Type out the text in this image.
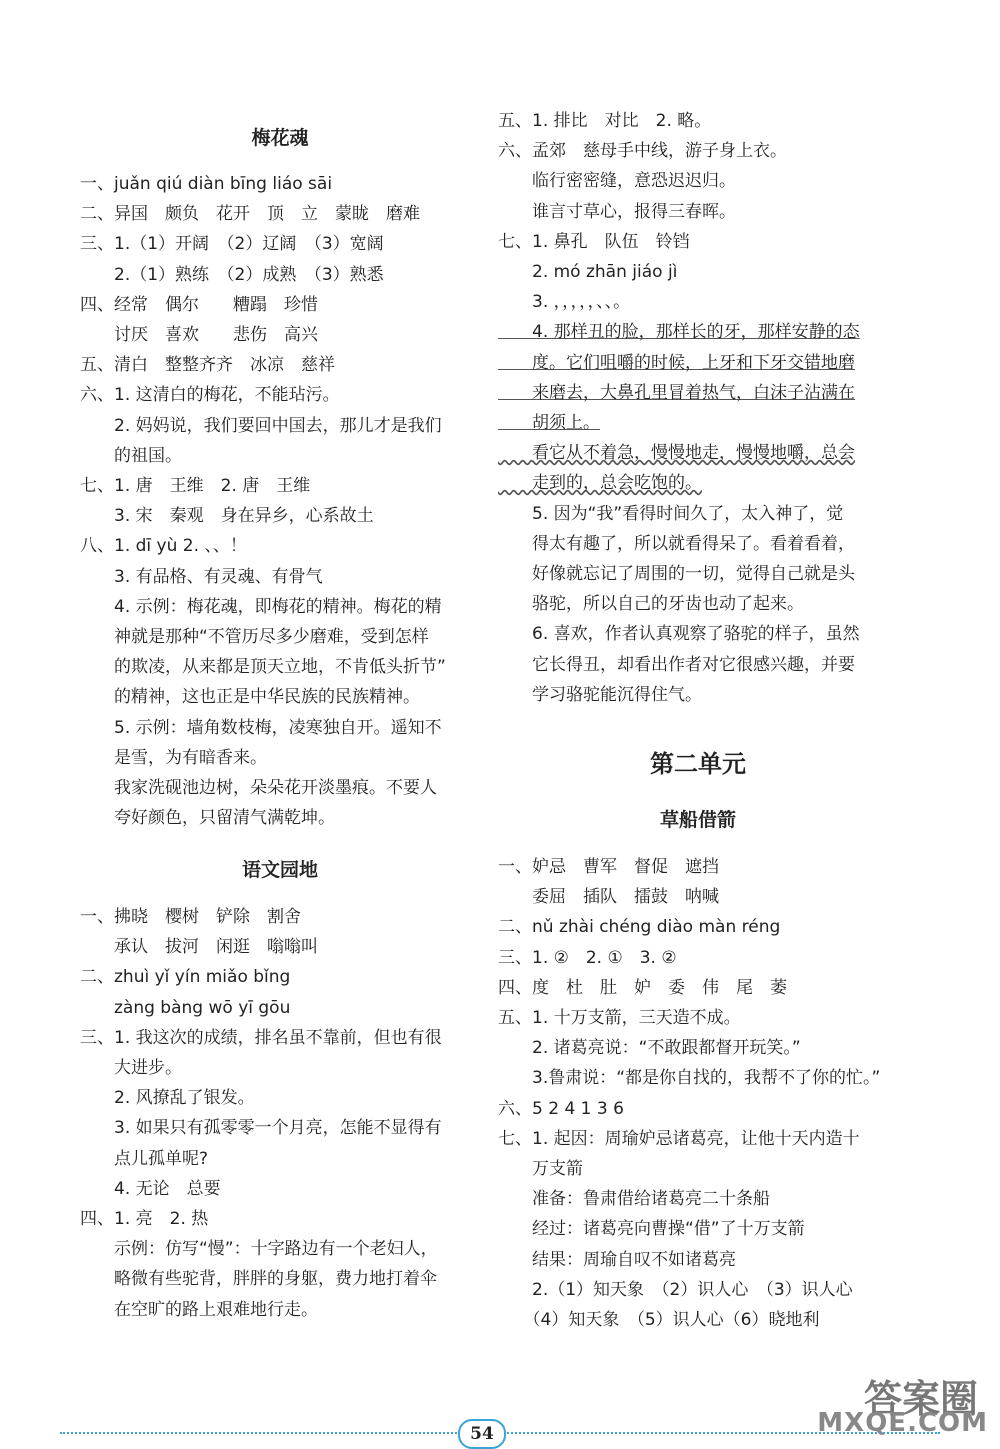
梅花魂
一、juǎn qiú diàn bīng liáo sāi
二、异国　颇负　花开　顶　立　蒙眬　磨难
三、1.（1）开阔　（2）辽阔　（3）宽阔
　　2.（1）熟练　（2）成熟　（3）熟悉
四、经常　偶尔　　糟蹋　珍惜
　　讨厌　喜欢　　悲伤　高兴
五、清白　整整齐齐　冰凉　慈祥
六、1. 这清白的梅花，不能玷污。
　　2. 妈妈说，我们要回中国去，那儿才是我们
　　的祖国。
七、1. 唐　王维　2. 唐　王维
　　3. 宋　秦观　身在异乡，心系故土
八、1. dī yù 2. 、、！
　　3. 有品格、有灵魂、有骨气
　　4. 示例：梅花魂，即梅花的精神。梅花的精
　　神就是那种“不管历尽多少磨难，受到怎样
　　的欺凌，从来都是顶天立地，不肯低头折节”
　　的精神，这也正是中华民族的民族精神。
　　5. 示例：墙角数枝梅，凌寒独自开。遥知不
　　是雪，为有暗香来。
　　我家洗砚池边树，朵朵花开淡墨痕。不要人
　　夸好颜色，只留清气满乾坤。
语文园地
一、拂晓　樱树　铲除　割舍
　　承认　拔河　闲逛　嗡嗡叫
二、zhuì yǐ yín miǎo bǐng
　　zàng bàng wō yī gōu
三、1. 我这次的成绩，排名虽不靠前，但也有很
　　大进步。
　　2. 风撩乱了银发。
　　3. 如果只有孤零零一个月亮，怎能不显得有
　　点儿孤单呢?
　　4. 无论　总要
四、1. 亮　2. 热
　　示例：仿写“慢”：十字路边有一个老妇人，
　　略微有些驼背，胖胖的身躯，费力地打着伞
　　在空旷的路上艰难地行走。
五、1. 排比　对比　2. 略。
六、孟郊　慈母手中线，游子身上衣。
　　临行密密缝，意恐迟迟归。
　　谁言寸草心，报得三春晖。
七、1. 鼻孔　队伍　铃铛
　　2. mó zhān jiáo jì
　　3. ，，，，，、、。
　　4. 那样丑的脸，那样长的牙，那样安静的态
　　度。它们咀嚼的时候，上牙和下牙交错地磨
　　来磨去，大鼻孔里冒着热气，白沫子沾满在
　　胡须上。
　　看它从不着急，慢慢地走，慢慢地嚼，总会
　　走到的，总会吃饱的。
　　5. 因为“我”看得时间久了，太入神了，觉
　　得太有趣了，所以就看得呆了。看着看着，
　　好像就忘记了周围的一切，觉得自己就是头
　　骆驼，所以自己的牙齿也动了起来。
　　6. 喜欢，作者认真观察了骆驼的样子，虽然
　　它长得丑，却看出作者对它很感兴趣，并要
　　学习骆驼能沉得住气。
第二单元
草船借箭
一、妒忌　曹军　督促　遮挡
　　委屈　插队　擂鼓　呐喊
二、nǔ zhài chéng diào màn réng
三、1. ②　2. ①　3. ②
四、度　杜　肚　妒　委　伟　尾　萎
五、1. 十万支箭，三天造不成。
　　2. 诸葛亮说：“不敢跟都督开玩笑。”
　　3.鲁肃说：“都是你自找的，我帮不了你的忙。”
六、5 2 4 1 3 6
七、1. 起因：周瑜妒忌诸葛亮，让他十天内造十
　　万支箭
　　准备：鲁肃借给诸葛亮二十条船
　　经过：诸葛亮向曹操“借”了十万支箭
　　结果：周瑜自叹不如诸葛亮
　　2.（1）知天象　（2）识人心　（3）识人心
　　（4）知天象　（5）识人心（6）晓地利
54
答案圈
MXQE.COM
